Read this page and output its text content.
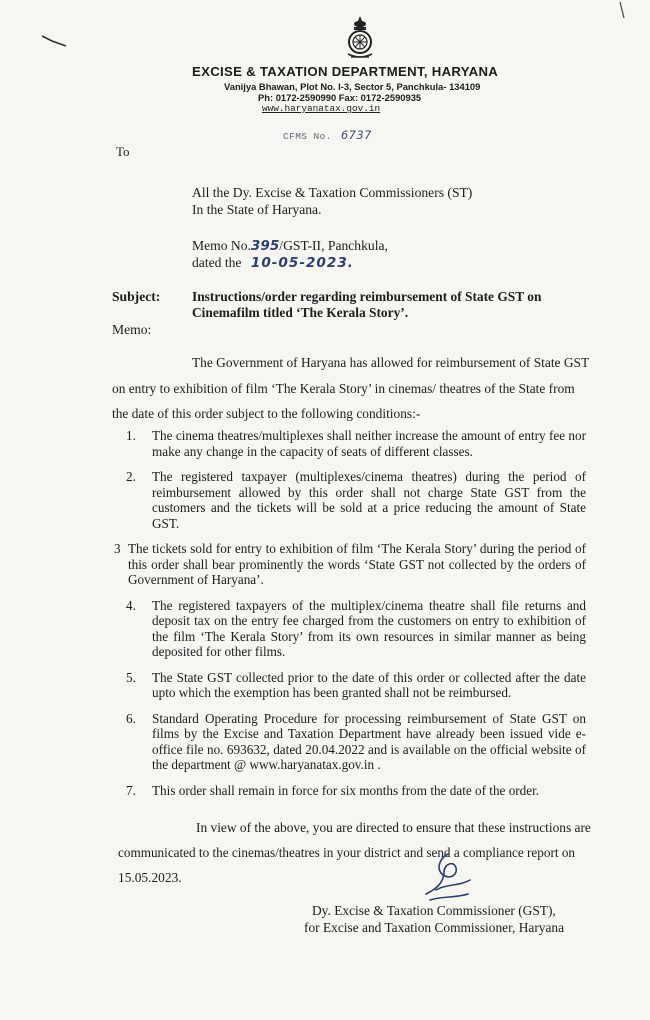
EXCISE & TAXATION DEPARTMENT, HARYANA
Vanijya Bhawan, Plot No. I-3, Sector 5, Panchkula- 134109
Ph: 0172-2590990 Fax: 0172-2590935
www.haryanatax.gov.in
CFMS No. 6737
To
All the Dy. Excise & Taxation Commissioners (ST)
In the State of Haryana.
Memo No.395/GST-II, Panchkula,
dated the 10-05-2023.
Subject: Instructions/order regarding reimbursement of State GST on Cinemafilm titled ‘The Kerala Story’.
Memo:
The Government of Haryana has allowed for reimbursement of State GST
on entry to exhibition of film ‘The Kerala Story’ in cinemas/ theatres of the State from
the date of this order subject to the following conditions:-
1.	The cinema theatres/multiplexes shall neither increase the amount of entry fee nor make any change in the capacity of seats of different classes.
2.	The registered taxpayer (multiplexes/cinema theatres) during the period of reimbursement allowed by this order shall not charge State GST from the customers and the tickets will be sold at a price reducing the amount of State GST.
3 The tickets sold for entry to exhibition of film ‘The Kerala Story’ during the period of this order shall bear prominently the words ‘State GST not collected by the orders of Government of Haryana’.
4.	The registered taxpayers of the multiplex/cinema theatre shall file returns and deposit tax on the entry fee charged from the customers on entry to exhibition of the film ‘The Kerala Story’ from its own resources in similar manner as being deposited for other films.
5.	The State GST collected prior to the date of this order or collected after the date upto which the exemption has been granted shall not be reimbursed.
6.	Standard Operating Procedure for processing reimbursement of State GST on films by the Excise and Taxation Department have already been issued vide e-office file no. 693632, dated 20.04.2022 and is available on the official website of the department @ www.haryanatax.gov.in .
7.	This order shall remain in force for six months from the date of the order.
In view of the above, you are directed to ensure that these instructions are
communicated to the cinemas/theatres in your district and send a compliance report on
15.05.2023.
Dy. Excise & Taxation Commissioner (GST),
for Excise and Taxation Commissioner, Haryana
